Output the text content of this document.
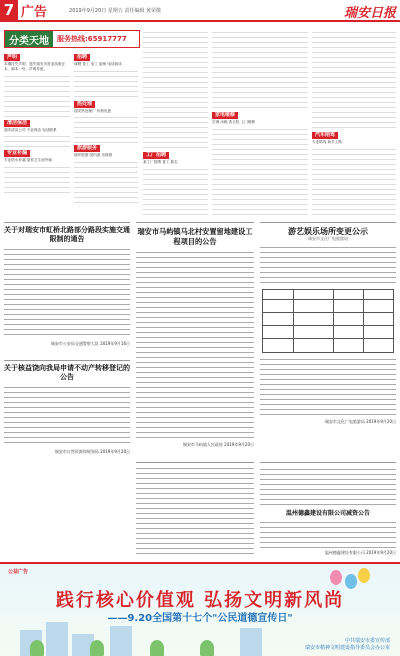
7 广告	2019年9月20日 星期五 责任编辑 黄荣敬	瑞安日报
分类天地	服务热线:65917777
声明

本期挂失声明：遗失瑞安市营业执照正本、副本一份，声明作废。

清洁保洁

瑞安清洁公司 专业保洁 电话联系

专业补漏

专业防水补漏 屋顶卫生间外墙

招聘

诚聘 普工 电工 厨师 电话面谈

热处理

瑞安热处理厂 价格优惠

旅游服务

瑞安旅游 国内游 出境游	工厂招聘

某工厂招聘 普工 数名

家电维修

空调 冰箱 洗衣机 上门维修

汽车陪驾

专业陪驾 新手上路

关于对瑞安市虹桥北路部分路段实施交通限制的通告
瑞安市公安局交通警察大队 2019年9月16日
瑞安市马屿镇马北村安置留地建设工程项目的公告
瑞安市马屿镇人民政府 2019年9月20日
游艺娱乐场所变更公示
瑞安市文化广电旅游局
瑞安市文化广电旅游局 2019年9月20日
关于核益饶向我局申请不动产转移登记的公告
瑞安市自然资源和规划局 2019年9月20日
温州德鑫建设有限公司减资公告
温州德鑫建设有限公司 2019年9月20日
公益广告
践行核心价值观 弘扬文明新风尚
——9.20全国第十七个"公民道德宣传日"
中共瑞安市委宣传部
瑞安市精神文明建设指导委员会办公室
